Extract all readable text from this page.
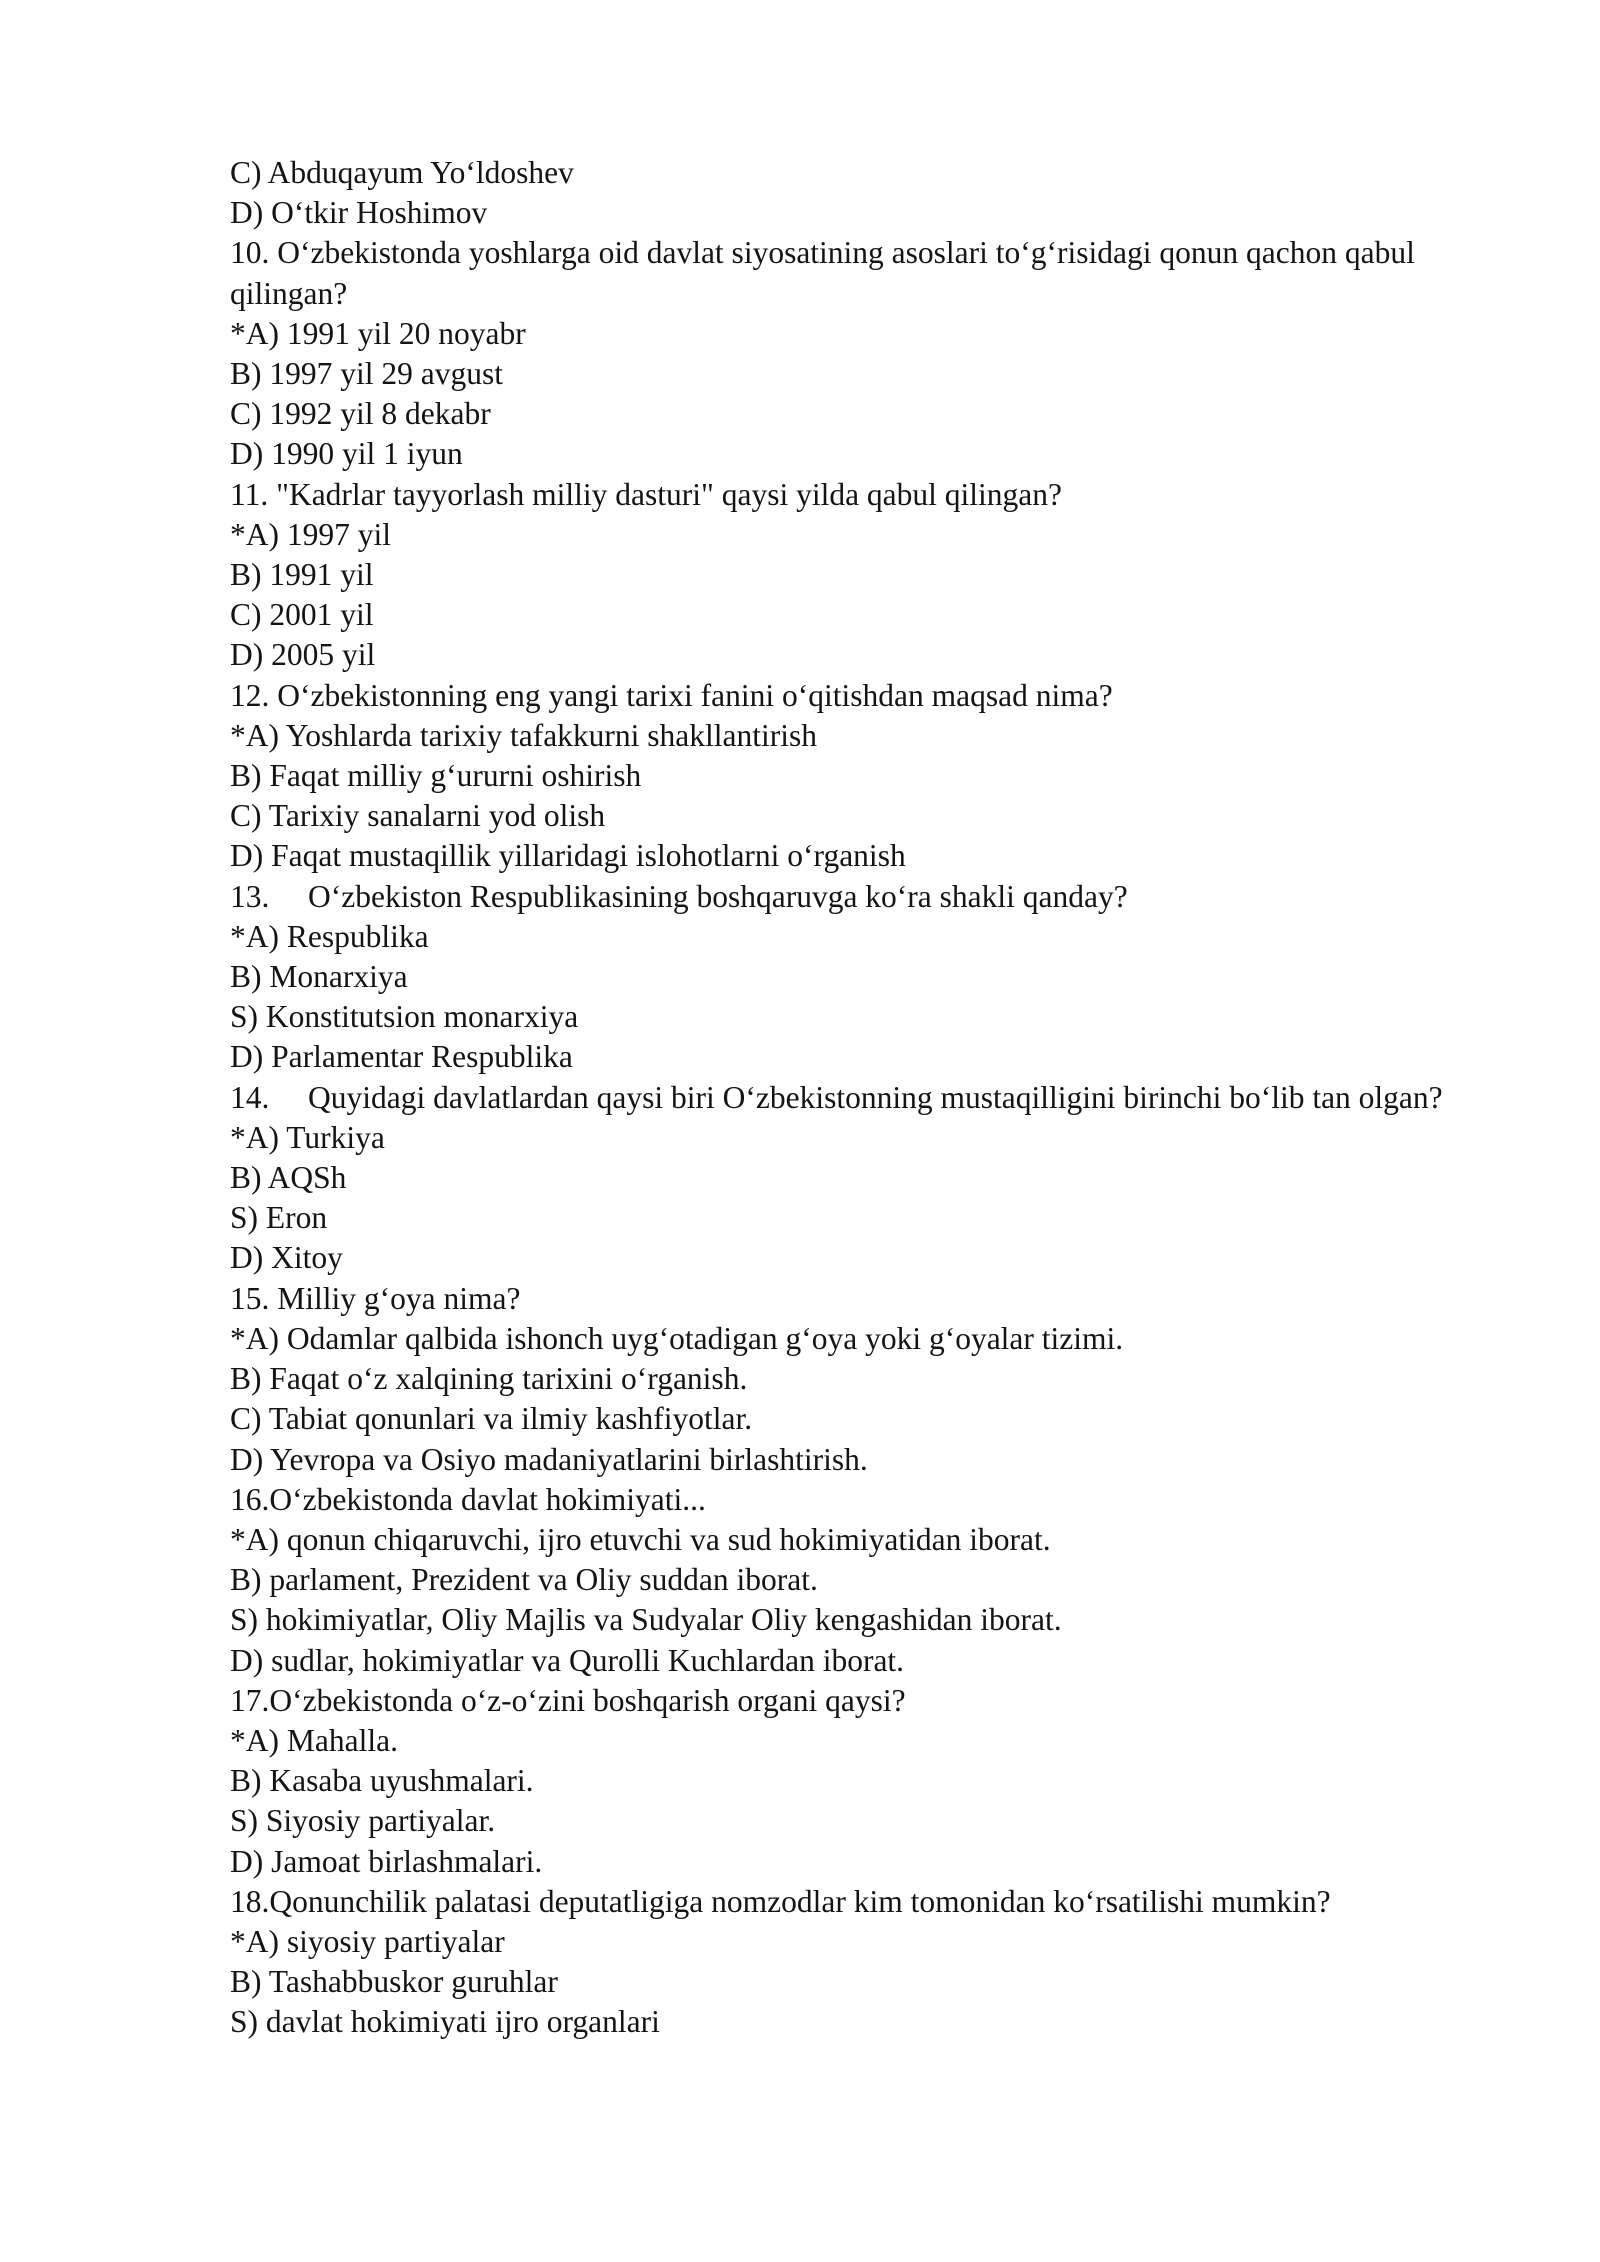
C) Abduqayum Yo‘ldoshev

D) O‘tkir Hoshimov

10. O‘zbekistonda yoshlarga oid davlat siyosatining asoslari to‘g‘risidagi qonun qachon qabul qilingan?

*A) 1991 yil 20 noyabr

B) 1997 yil 29 avgust

C) 1992 yil 8 dekabr

D) 1990 yil 1 iyun

11. "Kadrlar tayyorlash milliy dasturi" qaysi yilda qabul qilingan?

*A) 1997 yil

B) 1991 yil

C) 2001 yil

D) 2005 yil

12. O‘zbekistonning eng yangi tarixi fanini o‘qitishdan maqsad nima?

*A) Yoshlarda tarixiy tafakkurni shakllantirish

B) Faqat milliy g‘ururni oshirish

C) Tarixiy sanalarni yod olish

D) Faqat mustaqillik yillaridagi islohotlarni o‘rganish

13. O‘zbekiston Respublikasining boshqaruvga ko‘ra shakli qanday?

*A) Respublika

B) Monarxiya

S) Konstitutsion monarxiya

D) Parlamentar Respublika

14. Quyidagi davlatlardan qaysi biri O‘zbekistonning mustaqilligini birinchi bo‘lib tan olgan?

*A) Turkiya

B) AQSh

S) Eron

D) Xitoy

15. Milliy g‘oya nima?

*A) Odamlar qalbida ishonch uyg‘otadigan g‘oya yoki g‘oyalar tizimi.

B) Faqat o‘z xalqining tarixini o‘rganish.

C) Tabiat qonunlari va ilmiy kashfiyotlar.

D) Yevropa va Osiyo madaniyatlarini birlashtirish.

16.O‘zbekistonda davlat hokimiyati...

*A) qonun chiqaruvchi, ijro etuvchi va sud hokimiyatidan iborat.

B) parlament, Prezident va Oliy suddan iborat.

S) hokimiyatlar, Oliy Majlis va Sudyalar Oliy kengashidan iborat.

D) sudlar, hokimiyatlar va Qurolli Kuchlardan iborat.

17.O‘zbekistonda o‘z-o‘zini boshqarish organi qaysi?

*A) Mahalla.

B) Kasaba uyushmalari.

S) Siyosiy partiyalar.

D) Jamoat birlashmalari.

18.Qonunchilik palatasi deputatligiga nomzodlar kim tomonidan ko‘rsatilishi mumkin?

*A) siyosiy partiyalar

B) Tashabbuskor guruhlar

S) davlat hokimiyati ijro organlari
